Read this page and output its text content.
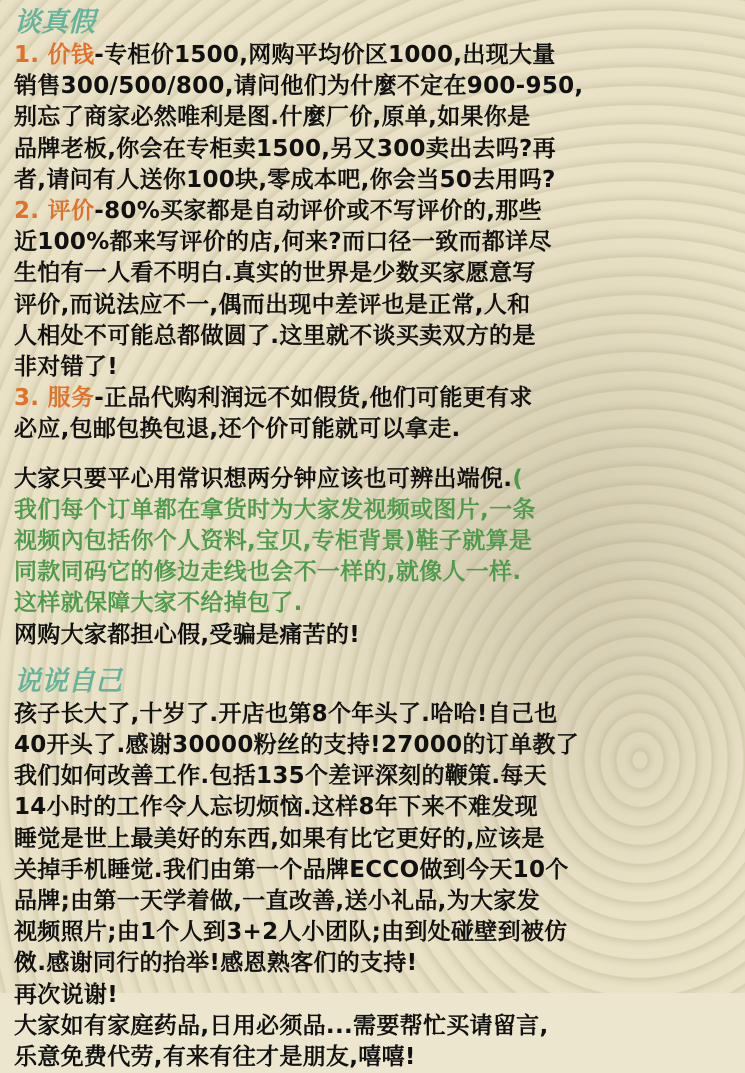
谈真假

1. 价钱-专柜价1500,网购平均价区1000,出现大量

销售300/500/800,请问他们为什麼不定在900-950,

别忘了商家必然唯利是图.什麼厂价,原单,如果你是

品牌老板,你会在专柜卖1500,另又300卖出去吗?再

者,请问有人送你100块,零成本吧,你会当50去用吗?

2. 评价-80%买家都是自动评价或不写评价的,那些

近100%都来写评价的店,何来?而口径一致而都详尽

生怕有一人看不明白.真实的世界是少数买家愿意写

评价,而说法应不一,偶而出现中差评也是正常,人和

人相处不可能总都做圆了.这里就不谈买卖双方的是

非对错了!

3. 服务-正品代购利润远不如假货,他们可能更有求

必应,包邮包换包退,还个价可能就可以拿走.

大家只要平心用常识想两分钟应该也可辨出端倪.(

我们每个订单都在拿货时为大家发视频或图片,一条

视频內包括你个人资料,宝贝,专柜背景)鞋子就算是

同款同码它的修边走线也会不一样的,就像人一样.

这样就保障大家不给掉包了.

网购大家都担心假,受骗是痛苦的!

说说自己

孩子长大了,十岁了.开店也第8个年头了.哈哈!自己也

40开头了.感谢30000粉丝的支持!27000的订单教了

我们如何改善工作.包括135个差评深刻的鞭策.每天

14小时的工作令人忘切烦恼.这样8年下来不难发现

睡觉是世上最美好的东西,如果有比它更好的,应该是

关掉手机睡觉.我们由第一个品牌ECCO做到今天10个

品牌;由第一天学着做,一直改善,送小礼品,为大家发

视频照片;由1个人到3+2人小团队;由到处碰壁到被仿

傚.感谢同行的抬举!感恩熟客们的支持!

再次说谢!

大家如有家庭药品,日用必须品...需要帮忙买请留言,

乐意免费代劳,有来有往才是朋友,嘻嘻!
